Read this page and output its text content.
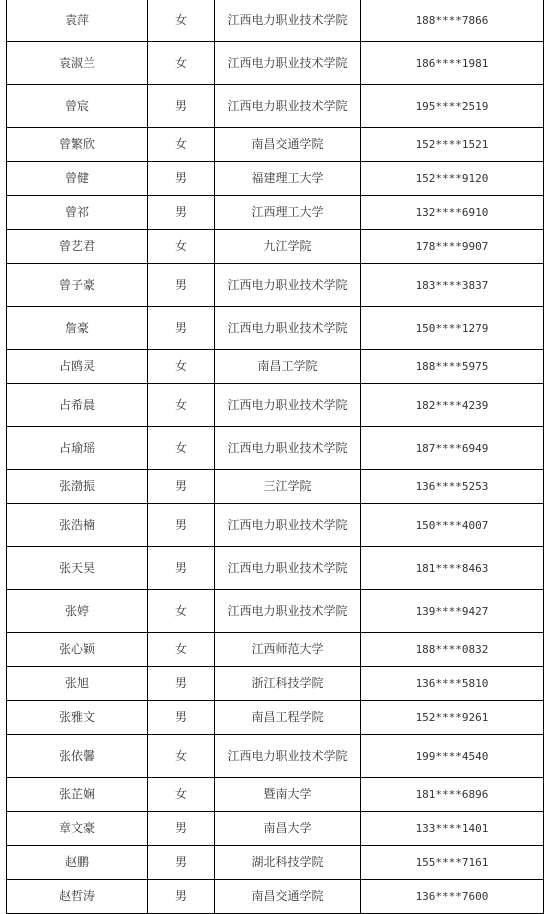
袁萍	女	江西电力职业技术学院	188****7866
袁淑兰	女	江西电力职业技术学院	186****1981
曾宸	男	江西电力职业技术学院	195****2519
曾繁欣	女	南昌交通学院	152****1521
曾健	男	福建理工大学	152****9120
曾祁	男	江西理工大学	132****6910
曾艺君	女	九江学院	178****9907
曾子豪	男	江西电力职业技术学院	183****3837
詹豪	男	江西电力职业技术学院	150****1279
占鸥灵	女	南昌工学院	188****5975
占希晨	女	江西电力职业技术学院	182****4239
占瑜瑶	女	江西电力职业技术学院	187****6949
张渤振	男	三江学院	136****5253
张浩楠	男	江西电力职业技术学院	150****4007
张天昊	男	江西电力职业技术学院	181****8463
张婷	女	江西电力职业技术学院	139****9427
张心颖	女	江西师范大学	188****0832
张旭	男	浙江科技学院	136****5810
张雅文	男	南昌工程学院	152****9261
张依馨	女	江西电力职业技术学院	199****4540
张芷娴	女	暨南大学	181****6896
章文豪	男	南昌大学	133****1401
赵鹏	男	湖北科技学院	155****7161
赵哲涛	男	南昌交通学院	136****7600
